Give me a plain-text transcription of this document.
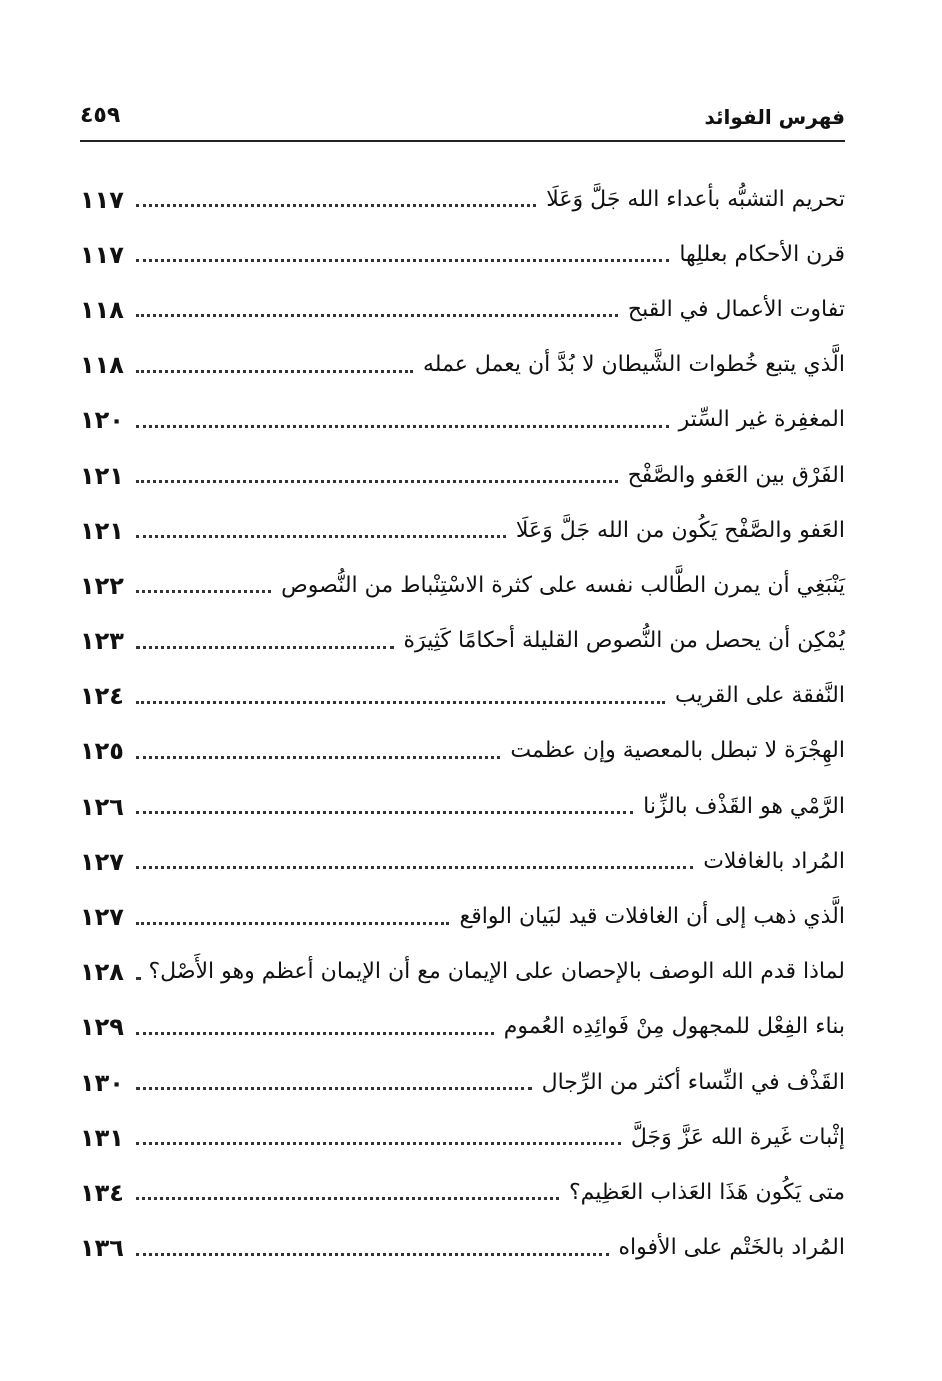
فهرس الفوائد
٤٥٩
تحريم التشبُّه بأعداء الله جَلَّ وَعَلَا
١١٧
قرن الأحكام بعللِها
١١٧
تفاوت الأعمال في القبح
١١٨
الَّذي يتبع خُطوات الشَّيطان لا بُدَّ أن يعمل عمله
١١٨
المغفِرة غير السِّتر
١٢٠
الفَرْق بين العَفو والصَّفْح
١٢١
العَفو والصَّفْح يَكُون من الله جَلَّ وَعَلَا
١٢١
يَنْبَغِي أن يمرن الطَّالب نفسه على كثرة الاسْتِنْباط من النُّصوص
١٢٢
يُمْكِن أن يحصل من النُّصوص القليلة أحكامًا كَثِيرَة
١٢٣
النَّفقة على القريب
١٢٤
الهِجْرَة لا تبطل بالمعصية وإن عظمت
١٢٥
الرَّمْي هو القَذْف بالزِّنا
١٢٦
المُراد بالغافلات
١٢٧
الَّذي ذهب إلى أن الغافلات قيد لبَيان الواقع
١٢٧
لماذا قدم الله الوصف بالإحصان على الإيمان مع أن الإيمان أعظم وهو الأَصْل؟
١٢٨
بناء الفِعْل للمجهول مِنْ فَوائِدِه العُموم
١٢٩
القَذْف في النِّساء أكثر من الرِّجال
١٣٠
إثْبات غَيرة الله عَزَّ وَجَلَّ
١٣١
متى يَكُون هَذَا العَذاب العَظِيم؟
١٣٤
المُراد بالخَتْم على الأفواه
١٣٦
